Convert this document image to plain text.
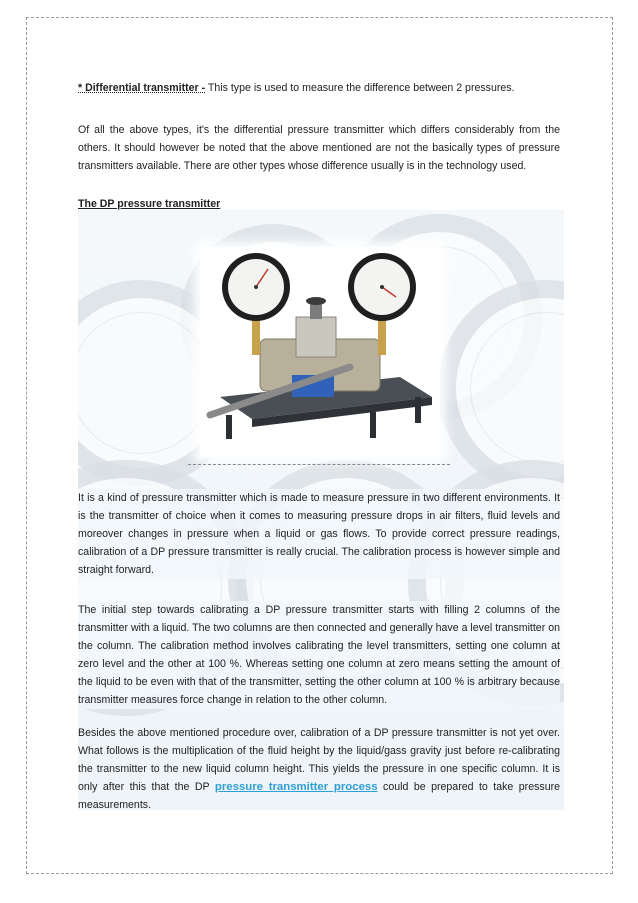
* Differential transmitter - This type is used to measure the difference between 2 pressures.

Of all the above types, it's the differential pressure transmitter which differs considerably from the others. It should however be noted that the above mentioned are not the basically types of pressure transmitters available. There are other types whose difference usually is in the technology used.

The DP pressure transmitter

It is a kind of pressure transmitter which is made to measure pressure in two different environments. It is the transmitter of choice when it comes to measuring pressure drops in air filters, fluid levels and moreover changes in pressure when a liquid or gas flows. To provide correct pressure readings, calibration of a DP pressure transmitter is really crucial. The calibration process is however simple and straight forward.

The initial step towards calibrating a DP pressure transmitter starts with filling 2 columns of the transmitter with a liquid. The two columns are then connected and generally have a level transmitter on the column. The calibration method involves calibrating the level transmitters, setting one column at zero level and the other at 100 %. Whereas setting one column at zero means setting the amount of the liquid to be even with that of the transmitter, setting the other column at 100 % is arbitrary because transmitter measures force change in relation to the other column.

Besides the above mentioned procedure over, calibration of a DP pressure transmitter is not yet over. What follows is the multiplication of the fluid height by the liquid/gass gravity just before re-calibrating the transmitter to the new liquid column height. This yields the pressure in one specific column. It is only after this that the DP pressure transmitter process could be prepared to take pressure measurements.
